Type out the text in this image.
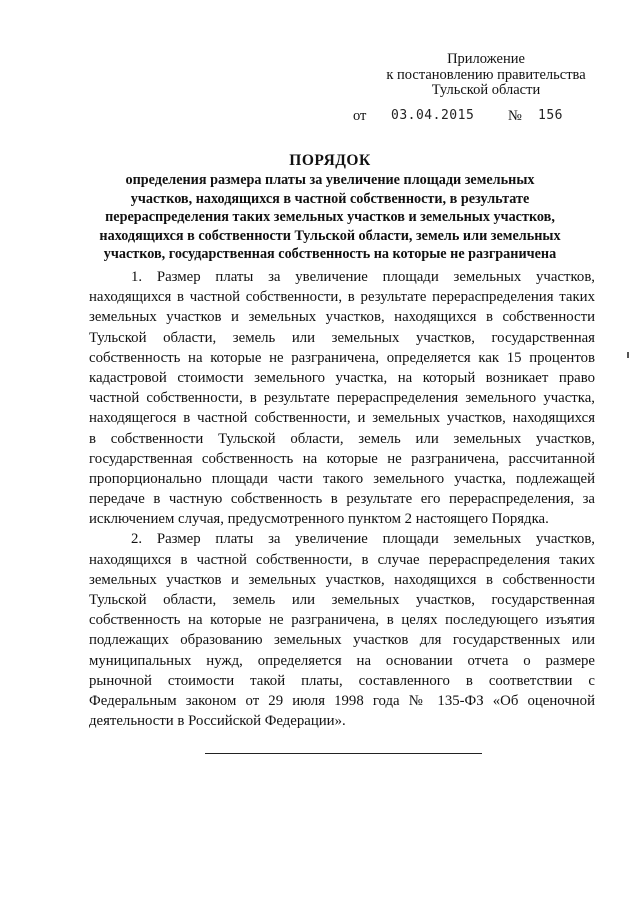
Приложение
к постановлению правительства
Тульской области
от 03.04.2015 № 156
ПОРЯДОК
определения размера платы за увеличение площади земельных
участков, находящихся в частной собственности, в результате
перераспределения таких земельных участков и земельных участков,
находящихся в собственности Тульской области, земель или земельных
участков, государственная собственность на которые не разграничена
1. Размер платы за увеличение площади земельных участков,
находящихся в частной собственности, в результате перераспределения таких
земельных участков и земельных участков, находящихся в собственности
Тульской области, земель или земельных участков, государственная
собственность на которые не разграничена, определяется как 15 процентов
кадастровой стоимости земельного участка, на который возникает право
частной собственности, в результате перераспределения земельного участка,
находящегося в частной собственности, и земельных участков, находящихся
в собственности Тульской области, земель или земельных участков,
государственная собственность на которые не разграничена, рассчитанной
пропорционально площади части такого земельного участка, подлежащей
передаче в частную собственность в результате его перераспределения, за
исключением случая, предусмотренного пунктом 2 настоящего Порядка.
2. Размер платы за увеличение площади земельных участков,
находящихся в частной собственности, в случае перераспределения таких
земельных участков и земельных участков, находящихся в собственности
Тульской области, земель или земельных участков, государственная
собственность на которые не разграничена, в целях последующего изъятия
подлежащих образованию земельных участков для государственных или
муниципальных нужд, определяется на основании отчета о размере
рыночной стоимости такой платы, составленного в соответствии с
Федеральным законом от 29 июля 1998 года № 135-ФЗ «Об оценочной
деятельности в Российской Федерации».
